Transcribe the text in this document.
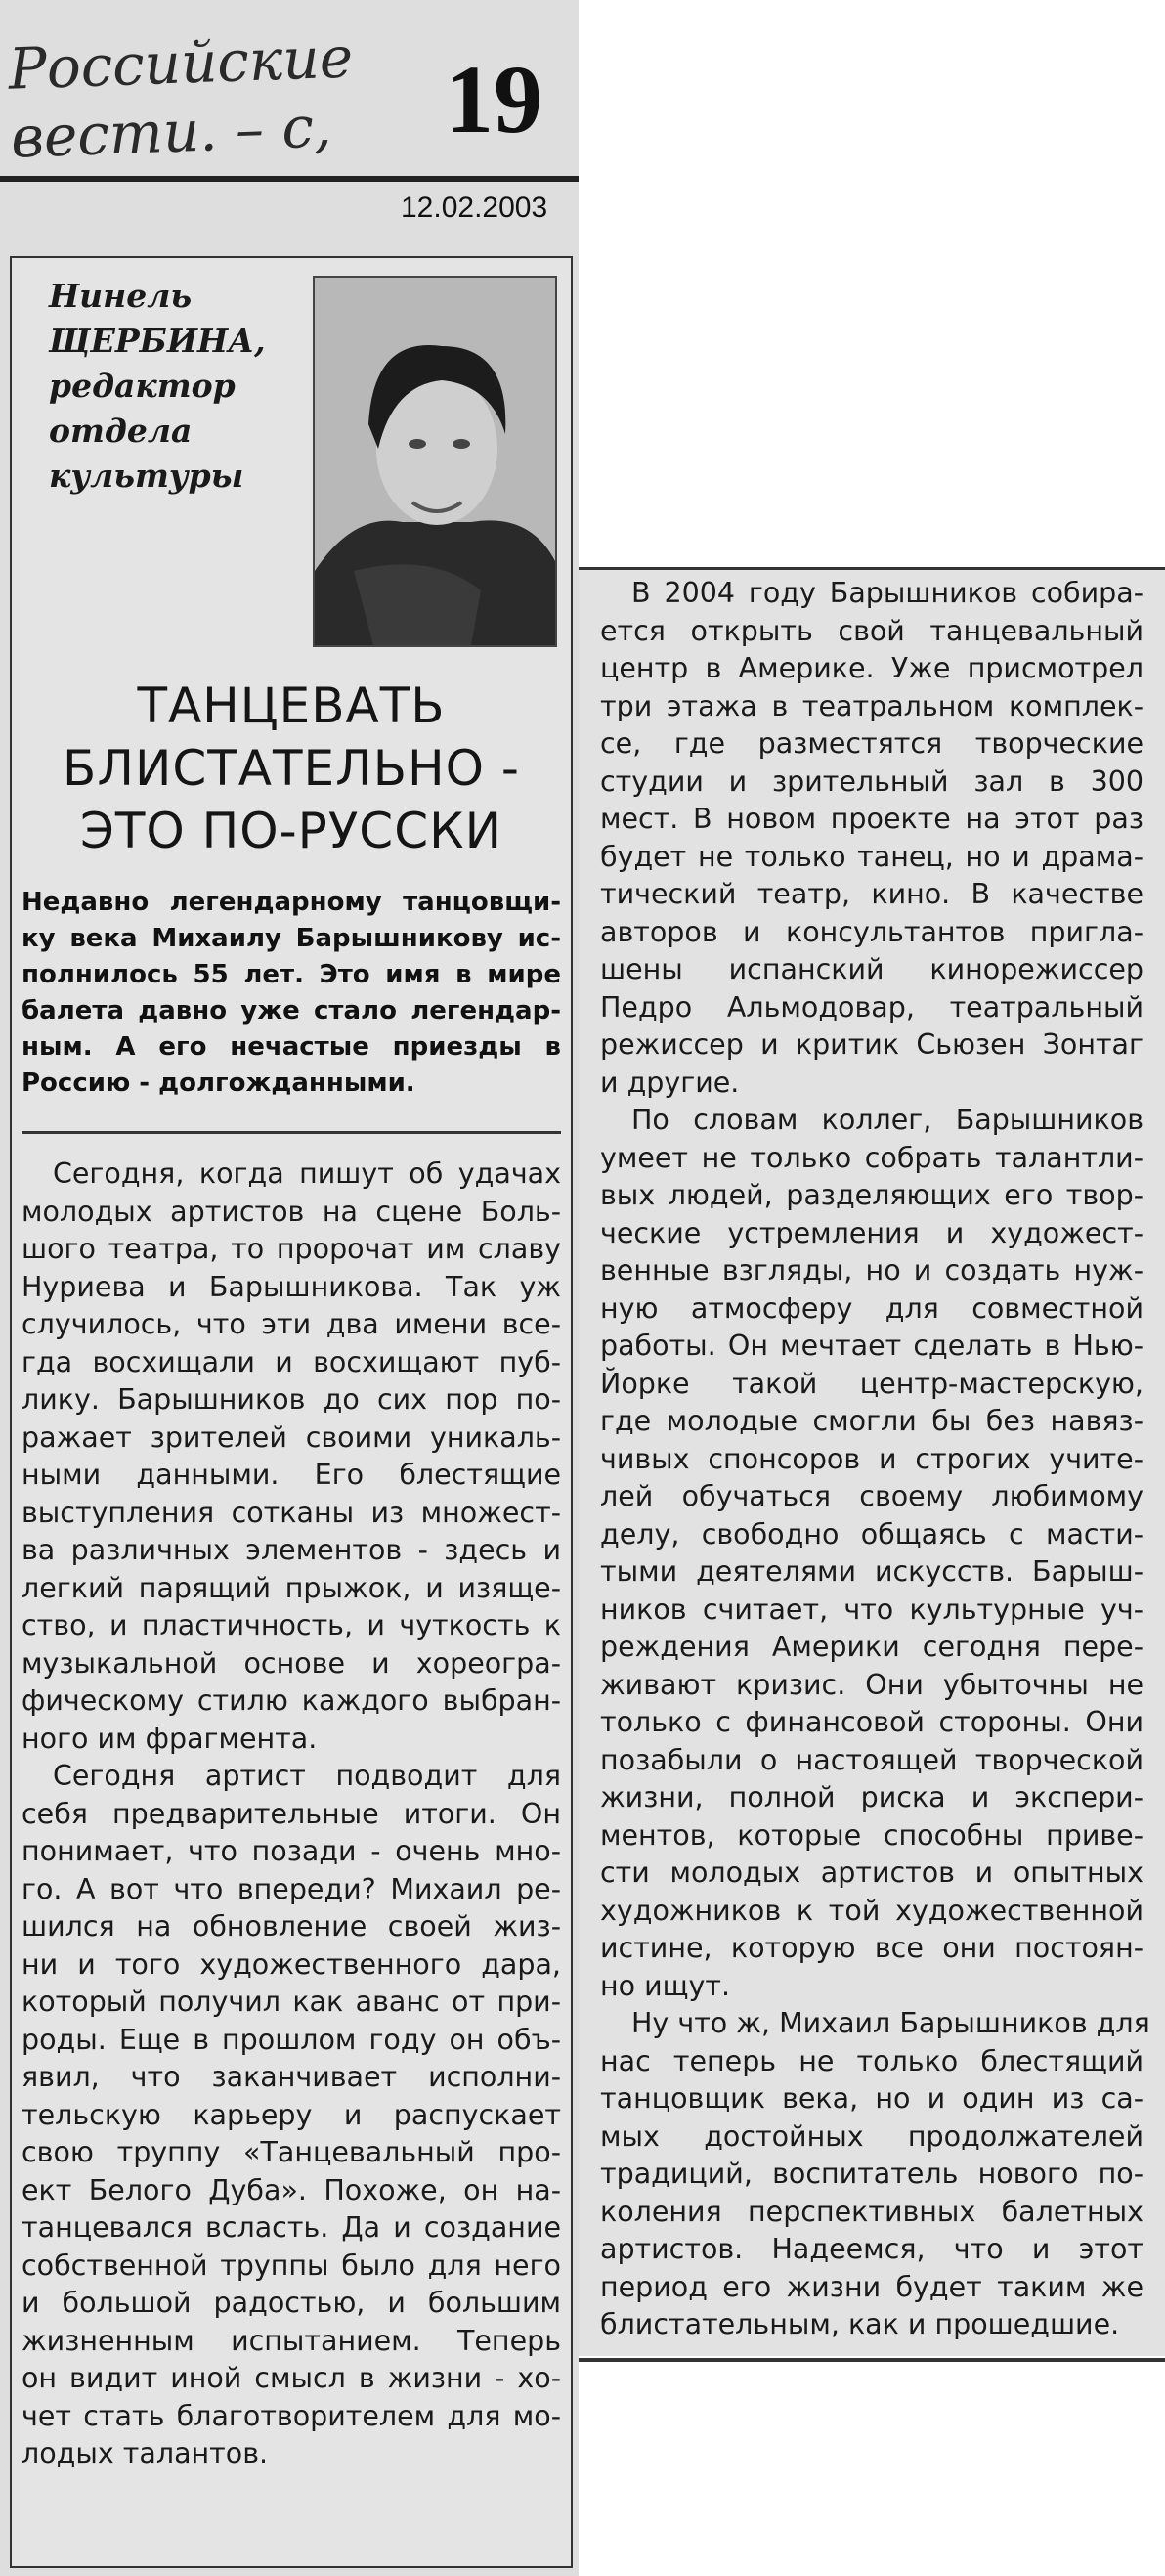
Российские
вести. – с,	19
12.02.2003
Нинель
ЩЕРБИНА,
редактор
отдела
культуры
ТАНЦЕВАТЬ
БЛИСТАТЕЛЬНО -
ЭТО ПО-РУССКИ
Недавно легендарному танцовщи-
ку века Михаилу Барышникову ис-
полнилось 55 лет. Это имя в мире
балета давно уже стало легендар-
ным. А его нечастые приезды в
Россию - долгожданными.
Сегодня, когда пишут об удачах
молодых артистов на сцене Боль-
шого театра, то пророчат им славу
Нуриева и Барышникова. Так уж
случилось, что эти два имени все-
гда восхищали и восхищают пуб-
лику. Барышников до сих пор по-
ражает зрителей своими уникаль-
ными данными. Его блестящие
выступления сотканы из множест-
ва различных элементов - здесь и
легкий парящий прыжок, и изяще-
ство, и пластичность, и чуткость к
музыкальной основе и хореогра-
фическому стилю каждого выбран-
ного им фрагмента.
Сегодня артист подводит для
себя предварительные итоги. Он
понимает, что позади - очень мно-
го. А вот что впереди? Михаил ре-
шился на обновление своей жиз-
ни и того художественного дара,
который получил как аванс от при-
роды. Еще в прошлом году он объ-
явил, что заканчивает исполни-
тельскую карьеру и распускает
свою труппу «Танцевальный про-
ект Белого Дуба». Похоже, он на-
танцевался всласть. Да и создание
собственной труппы было для него
и большой радостью, и большим
жизненным испытанием. Теперь
он видит иной смысл в жизни - хо-
чет стать благотворителем для мо-
лодых талантов.
В 2004 году Барышников собира-
ется открыть свой танцевальный
центр в Америке. Уже присмотрел
три этажа в театральном комплек-
се, где разместятся творческие
студии и зрительный зал в 300
мест. В новом проекте на этот раз
будет не только танец, но и драма-
тический театр, кино. В качестве
авторов и консультантов пригла-
шены испанский кинорежиссер
Педро Альмодовар, театральный
режиссер и критик Сьюзен Зонтаг
и другие.
По словам коллег, Барышников
умеет не только собрать талантли-
вых людей, разделяющих его твор-
ческие устремления и художест-
венные взгляды, но и создать нуж-
ную атмосферу для совместной
работы. Он мечтает сделать в Нью-
Йорке такой центр-мастерскую,
где молодые смогли бы без навяз-
чивых спонсоров и строгих учите-
лей обучаться своему любимому
делу, свободно общаясь с масти-
тыми деятелями искусств. Барыш-
ников считает, что культурные уч-
реждения Америки сегодня пере-
живают кризис. Они убыточны не
только с финансовой стороны. Они
позабыли о настоящей творческой
жизни, полной риска и экспери-
ментов, которые способны приве-
сти молодых артистов и опытных
художников к той художественной
истине, которую все они постоян-
но ищут.
Ну что ж, Михаил Барышников для
нас теперь не только блестящий
танцовщик века, но и один из са-
мых достойных продолжателей
традиций, воспитатель нового по-
коления перспективных балетных
артистов. Надеемся, что и этот
период его жизни будет таким же
блистательным, как и прошедшие.
